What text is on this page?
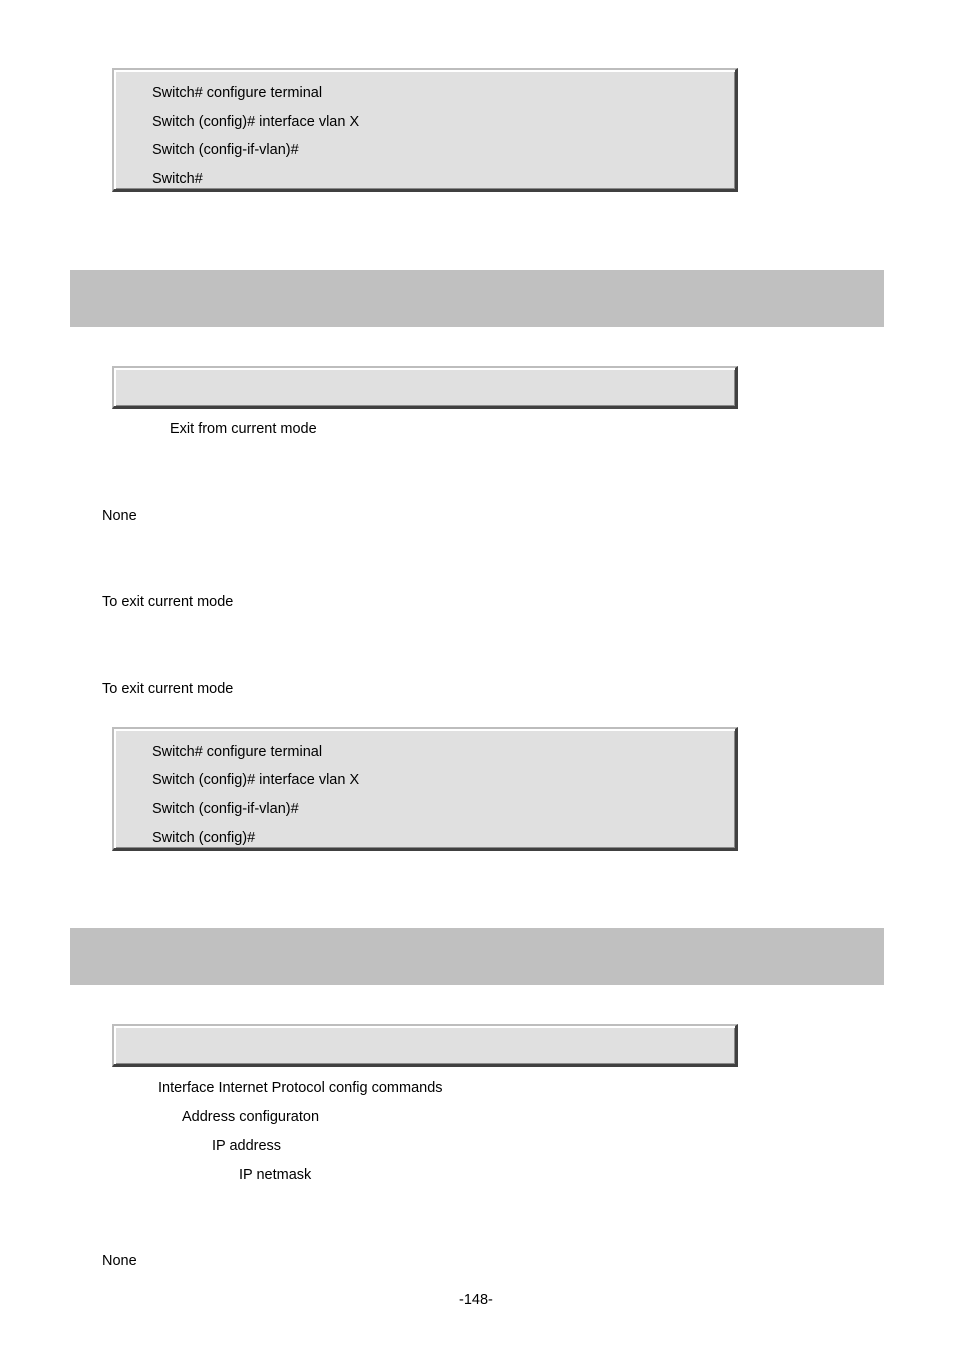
Switch# configure terminal
Switch (config)# interface vlan X
Switch (config-if-vlan)#
Switch#
Exit from current mode
None
To exit current mode
To exit current mode
Switch# configure terminal
Switch (config)# interface vlan X
Switch (config-if-vlan)#
Switch (config)#
Interface Internet Protocol config commands
Address configuraton
IP address
IP netmask
None
-148-
